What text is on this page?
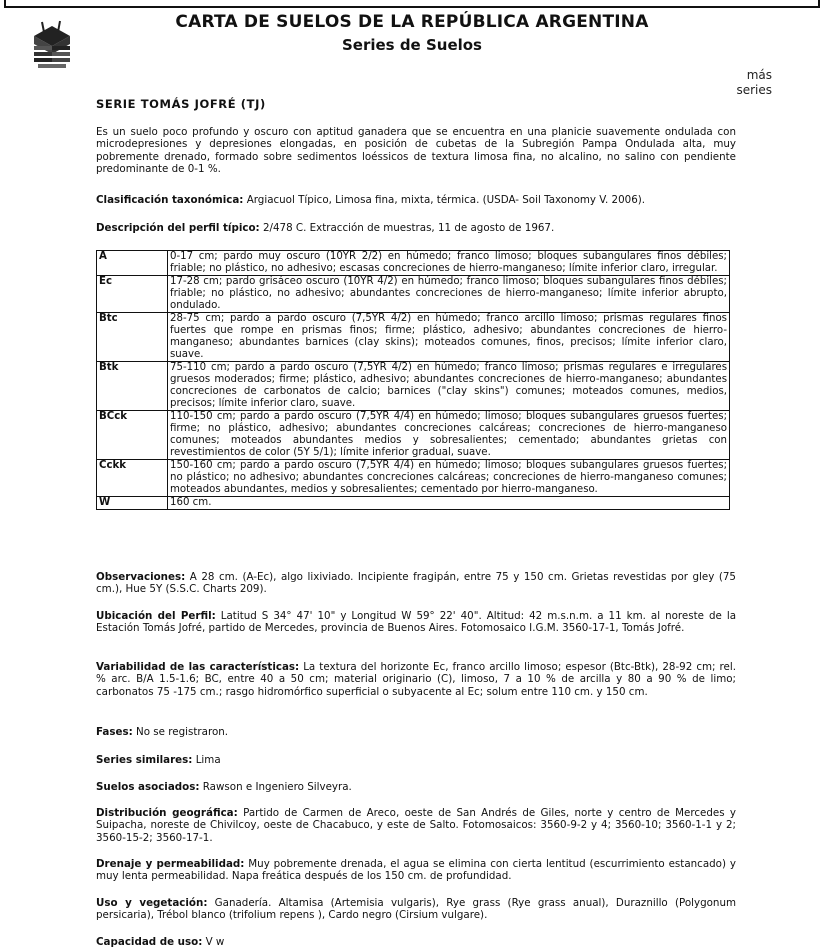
CARTA DE SUELOS DE LA REPÚBLICA ARGENTINA
Series de Suelos
más
series
SERIE TOMÁS JOFRÉ (TJ)

Es un suelo poco profundo y oscuro con aptitud ganadera que se encuentra en una planicie suavemente ondulada con microdepresiones y depresiones elongadas, en posición de cubetas de la Subregión Pampa Ondulada alta, muy pobremente drenado, formado sobre sedimentos loéssicos de textura limosa fina, no alcalino, no salino con pendiente predominante de 0-1 %.

Clasificación taxonómica: Argiacuol Típico, Limosa fina, mixta, térmica. (USDA- Soil Taxonomy V. 2006).

Descripción del perfil típico: 2/478 C. Extracción de muestras, 11 de agosto de 1967.

A	0-17 cm; pardo muy oscuro (10YR 2/2) en húmedo; franco limoso; bloques subangulares finos débiles; friable; no plástico, no adhesivo; escasas concreciones de hierro-manganeso; límite inferior claro, irregular.
Ec	17-28 cm; pardo grisáceo oscuro (10YR 4/2) en húmedo; franco limoso; bloques subangulares finos débiles; friable; no plástico, no adhesivo; abundantes concreciones de hierro-manganeso; límite inferior abrupto, ondulado.
Btc	28-75 cm; pardo a pardo oscuro (7,5YR 4/2) en húmedo; franco arcillo limoso; prismas regulares finos fuertes que rompe en prismas finos; firme; plástico, adhesivo; abundantes concreciones de hierro-manganeso; abundantes barnices (clay skins); moteados comunes, finos, precisos; límite inferior claro, suave.
Btk	75-110 cm; pardo a pardo oscuro (7,5YR 4/2) en húmedo; franco limoso; prismas regulares e irregulares gruesos moderados; firme; plástico, adhesivo; abundantes concreciones de hierro-manganeso; abundantes concreciones de carbonatos de calcio; barnices ("clay skins") comunes; moteados comunes, medios, precisos; límite inferior claro, suave.
BCck	110-150 cm; pardo a pardo oscuro (7,5YR 4/4) en húmedo; limoso; bloques subangulares gruesos fuertes; firme; no plástico, adhesivo; abundantes concreciones calcáreas; concreciones de hierro-manganeso comunes; moteados abundantes medios y sobresalientes; cementado; abundantes grietas con revestimientos de color (5Y 5/1); límite inferior gradual, suave.
Cckk	150-160 cm; pardo a pardo oscuro (7,5YR 4/4) en húmedo; limoso; bloques subangulares gruesos fuertes; no plástico; no adhesivo; abundantes concreciones calcáreas; concreciones de hierro-manganeso comunes; moteados abundantes, medios y sobresalientes; cementado por hierro-manganeso.
W	160 cm.

Observaciones: A 28 cm. (A-Ec), algo lixiviado. Incipiente fragipán, entre 75 y 150 cm. Grietas revestidas por gley (75 cm.), Hue 5Y (S.S.C. Charts 209).

Ubicación del Perfil: Latitud S 34° 47' 10" y Longitud W 59° 22' 40". Altitud: 42 m.s.n.m. a 11 km. al noreste de la Estación Tomás Jofré, partido de Mercedes, provincia de Buenos Aires. Fotomosaico I.G.M. 3560-17-1, Tomás Jofré.

Variabilidad de las características: La textura del horizonte Ec, franco arcillo limoso; espesor (Btc-Btk), 28-92 cm; rel. % arc. B/A 1.5-1.6; BC, entre 40 a 50 cm; material originario (C), limoso, 7 a 10 % de arcilla y 80 a 90 % de limo; carbonatos 75 -175 cm.; rasgo hidromórfico superficial o subyacente al Ec; solum entre 110 cm. y 150 cm.

Fases: No se registraron.

Series similares: Lima

Suelos asociados: Rawson e Ingeniero Silveyra.

Distribución geográfica: Partido de Carmen de Areco, oeste de San Andrés de Giles, norte y centro de Mercedes y Suipacha, noreste de Chivilcoy, oeste de Chacabuco, y este de Salto. Fotomosaicos: 3560-9-2 y 4; 3560-10; 3560-1-1 y 2; 3560-15-2; 3560-17-1.

Drenaje y permeabilidad: Muy pobremente drenada, el agua se elimina con cierta lentitud (escurrimiento estancado) y muy lenta permeabilidad. Napa freática después de los 150 cm. de profundidad.

Uso y vegetación: Ganadería. Altamisa (Artemisia vulgaris), Rye grass (Rye grass anual), Duraznillo (Polygonum persicaria), Trébol blanco (trifolium repens ), Cardo negro (Cirsium vulgare).

Capacidad de uso: V w
